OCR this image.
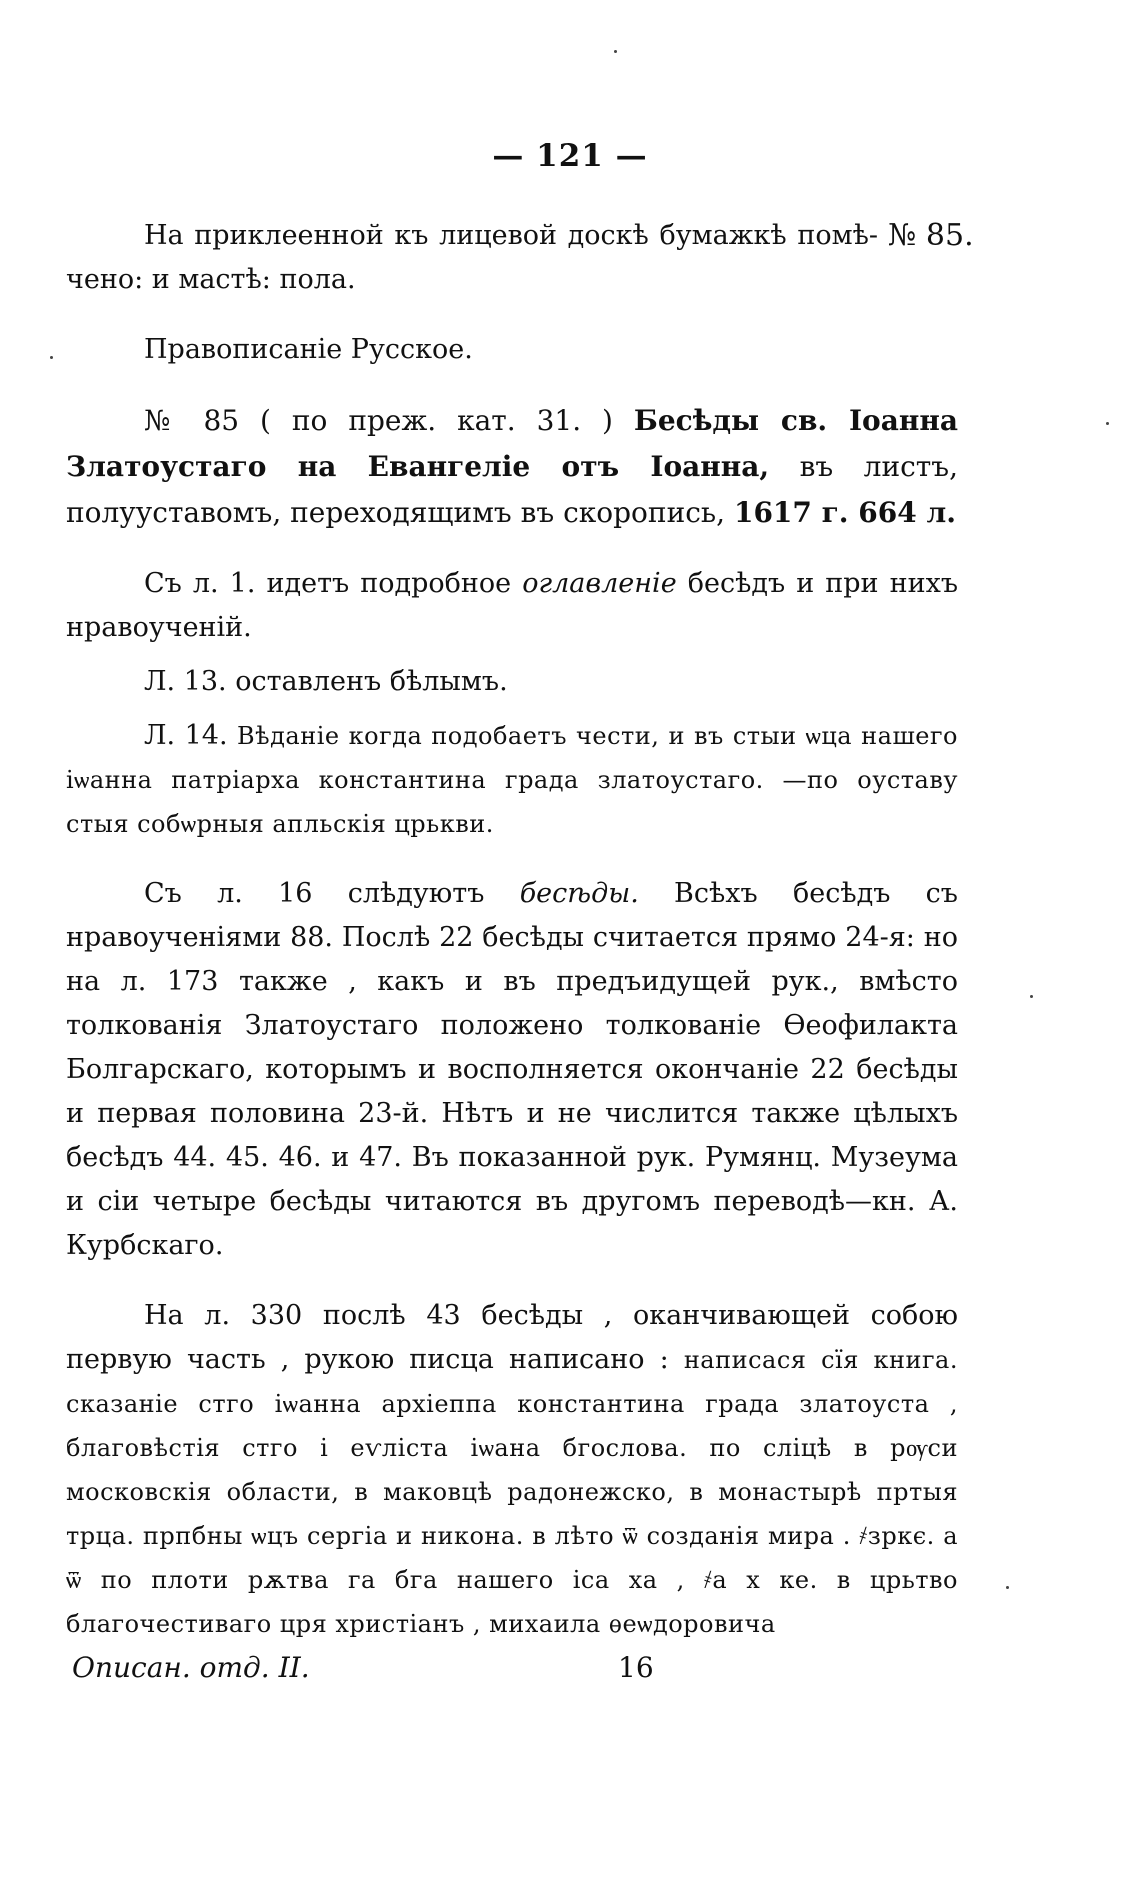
— 121 —
№ 85.

На приклеенной къ лицевой доскѣ бумажкѣ помѣ-чено: и мастѣ: пола.

Правописаніе Русское.

№ 85 ( по преж. кат. 31. ) Бесѣды св. Іоанна Златоустаго на Евангеліе отъ Іоанна, въ листъ, полууставомъ, переходящимъ въ скоропись, 1617 г. 664 л.

Съ л. 1. идетъ подробное оглавленіе бесѣдъ и при нихъ нравоученій.

Л. 13. оставленъ бѣлымъ.

Л. 14. Вѣданіе когда подобаетъ чести, и въ стыи ѡца нашего іѡанна патріарха константина града златоустаго. —по оуставу стыя собѡрныя апльскія црькви.

Съ л. 16 слѣдуютъ бесѣды. Всѣхъ бесѣдъ съ нравоученіями 88. Послѣ 22 бесѣды считается прямо 24-я: но на л. 173 также , какъ и въ предъидущей рук., вмѣсто толкованія Златоустаго положено толкованіе Ѳеофилакта Болгарскаго, которымъ и восполняется окончаніе 22 бесѣды и первая половина 23-й. Нѣтъ и не числится также цѣлыхъ бесѣдъ 44. 45. 46. и 47. Въ показанной рук. Румянц. Музеума и сіи четыре бесѣды читаются въ другомъ переводѣ—кн. А. Курбскаго.

На л. 330 послѣ 43 бесѣды , оканчивающей собою первую часть , рукою писца написано : написася сїя книга. сказаніе стго іѡанна архіеппа константина града златоуста , благовѣстія стго і еѵліста іѡана бгослова. по сліцѣ в рѹси московскія области, в маковцѣ радонежско, в монастырѣ пртыя трца. прпбны ѡцъ сергіа и никона. в лѣто ѿ созданія мира . ҂зркє. а ѿ по плоти рѫтва га бга нашего іса ха , ҂а х ке. в црьтво благочестиваго цря христіанъ , михаила ѳеѡдоровича

Описан. отд. II.	16
